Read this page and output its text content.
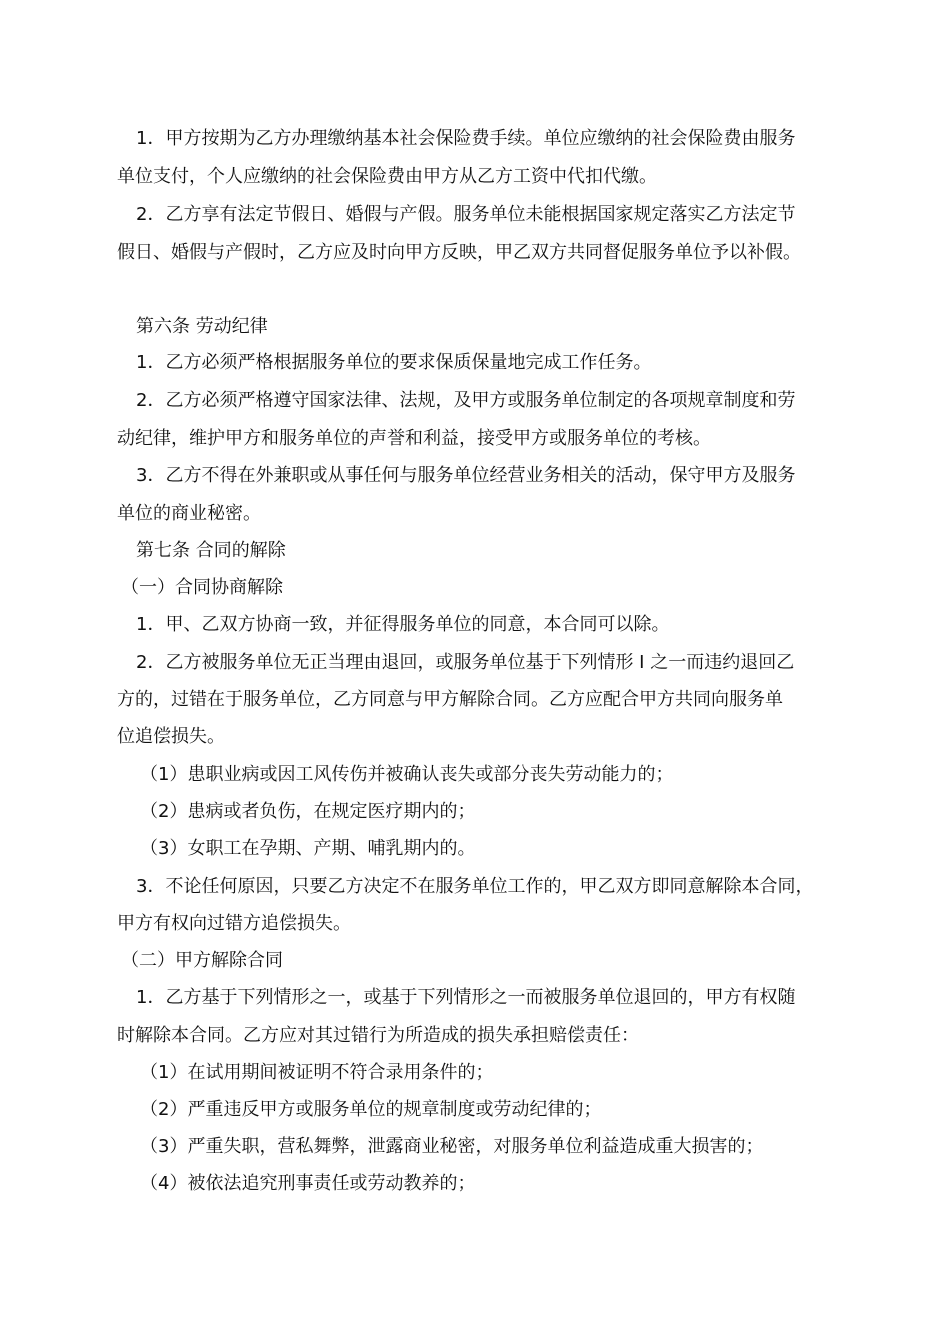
1．甲方按期为乙方办理缴纳基本社会保险费手续。单位应缴纳的社会保险费由服务

单位支付，个人应缴纳的社会保险费由甲方从乙方工资中代扣代缴。

2．乙方享有法定节假日、婚假与产假。服务单位未能根据国家规定落实乙方法定节

假日、婚假与产假时，乙方应及时向甲方反映，甲乙双方共同督促服务单位予以补假。

第六条 劳动纪律

1．乙方必须严格根据服务单位的要求保质保量地完成工作任务。

2．乙方必须严格遵守国家法律、法规，及甲方或服务单位制定的各项规章制度和劳

动纪律，维护甲方和服务单位的声誉和利益，接受甲方或服务单位的考核。

3．乙方不得在外兼职或从事任何与服务单位经营业务相关的活动，保守甲方及服务

单位的商业秘密。

第七条 合同的解除

（一）合同协商解除

1．甲、乙双方协商一致，并征得服务单位的同意，本合同可以除。

2．乙方被服务单位无正当理由退回，或服务单位基于下列情形 I 之一而违约退回乙

方的，过错在于服务单位，乙方同意与甲方解除合同。乙方应配合甲方共同向服务单

位追偿损失。

（1）患职业病或因工风传伤并被确认丧失或部分丧失劳动能力的；

（2）患病或者负伤，在规定医疗期内的；

（3）女职工在孕期、产期、哺乳期内的。

3．不论任何原因，只要乙方决定不在服务单位工作的，甲乙双方即同意解除本合同，

甲方有权向过错方追偿损失。

（二）甲方解除合同

1．乙方基于下列情形之一，或基于下列情形之一而被服务单位退回的，甲方有权随

时解除本合同。乙方应对其过错行为所造成的损失承担赔偿责任：

（1）在试用期间被证明不符合录用条件的；

（2）严重违反甲方或服务单位的规章制度或劳动纪律的；

（3）严重失职，营私舞弊，泄露商业秘密，对服务单位利益造成重大损害的；

（4）被依法追究刑事责任或劳动教养的；
